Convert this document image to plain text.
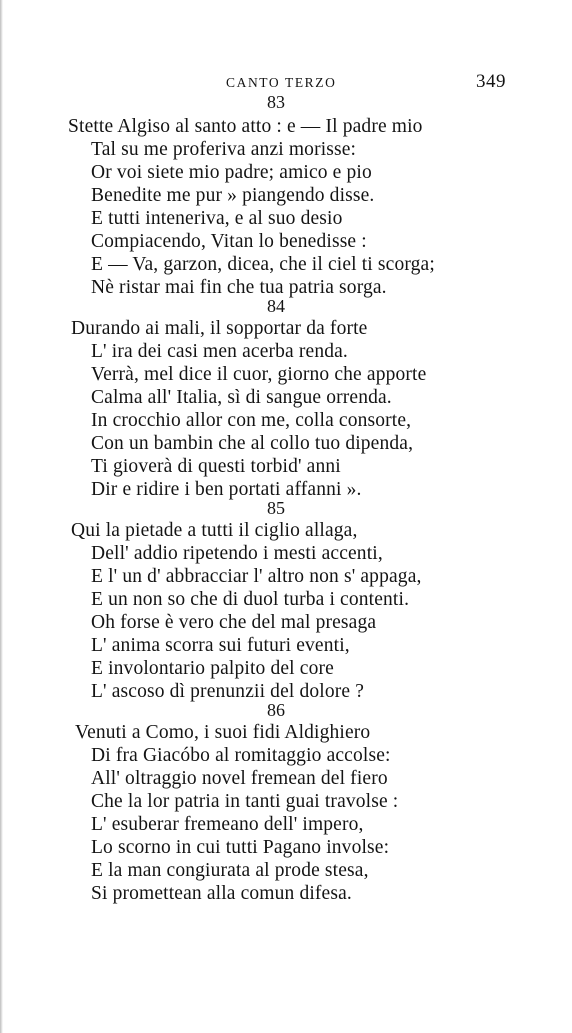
CANTO TERZO	349
83
Stette Algiso al santo atto : e — Il padre mio
Tal su me proferiva anzi morisse:
Or voi siete mio padre; amico e pio
Benedite me pur » piangendo disse.
E tutti inteneriva, e al suo desio
Compiacendo, Vitan lo benedisse :
E — Va, garzon, dicea, che il ciel ti scorga;
Nè ristar mai fin che tua patria sorga.
84
Durando ai mali, il sopportar da forte
L' ira dei casi men acerba renda.
Verrà, mel dice il cuor, giorno che apporte
Calma all' Italia, sì di sangue orrenda.
In crocchio allor con me, colla consorte,
Con un bambin che al collo tuo dipenda,
Ti gioverà di questi torbid' anni
Dir e ridire i ben portati affanni ».
85
Qui la pietade a tutti il ciglio allaga,
Dell' addio ripetendo i mesti accenti,
E l' un d' abbracciar l' altro non s' appaga,
E un non so che di duol turba i contenti.
Oh forse è vero che del mal presaga
L' anima scorra sui futuri eventi,
E involontario palpito del core
L' ascoso dì prenunzii del dolore ?
86
Venuti a Como, i suoi fidi Aldighiero
Di fra Giacóbo al romitaggio accolse:
All' oltraggio novel fremean del fiero
Che la lor patria in tanti guai travolse :
L' esuberar fremeano dell' impero,
Lo scorno in cui tutti Pagano involse:
E la man congiurata al prode stesa,
Si promettean alla comun difesa.
